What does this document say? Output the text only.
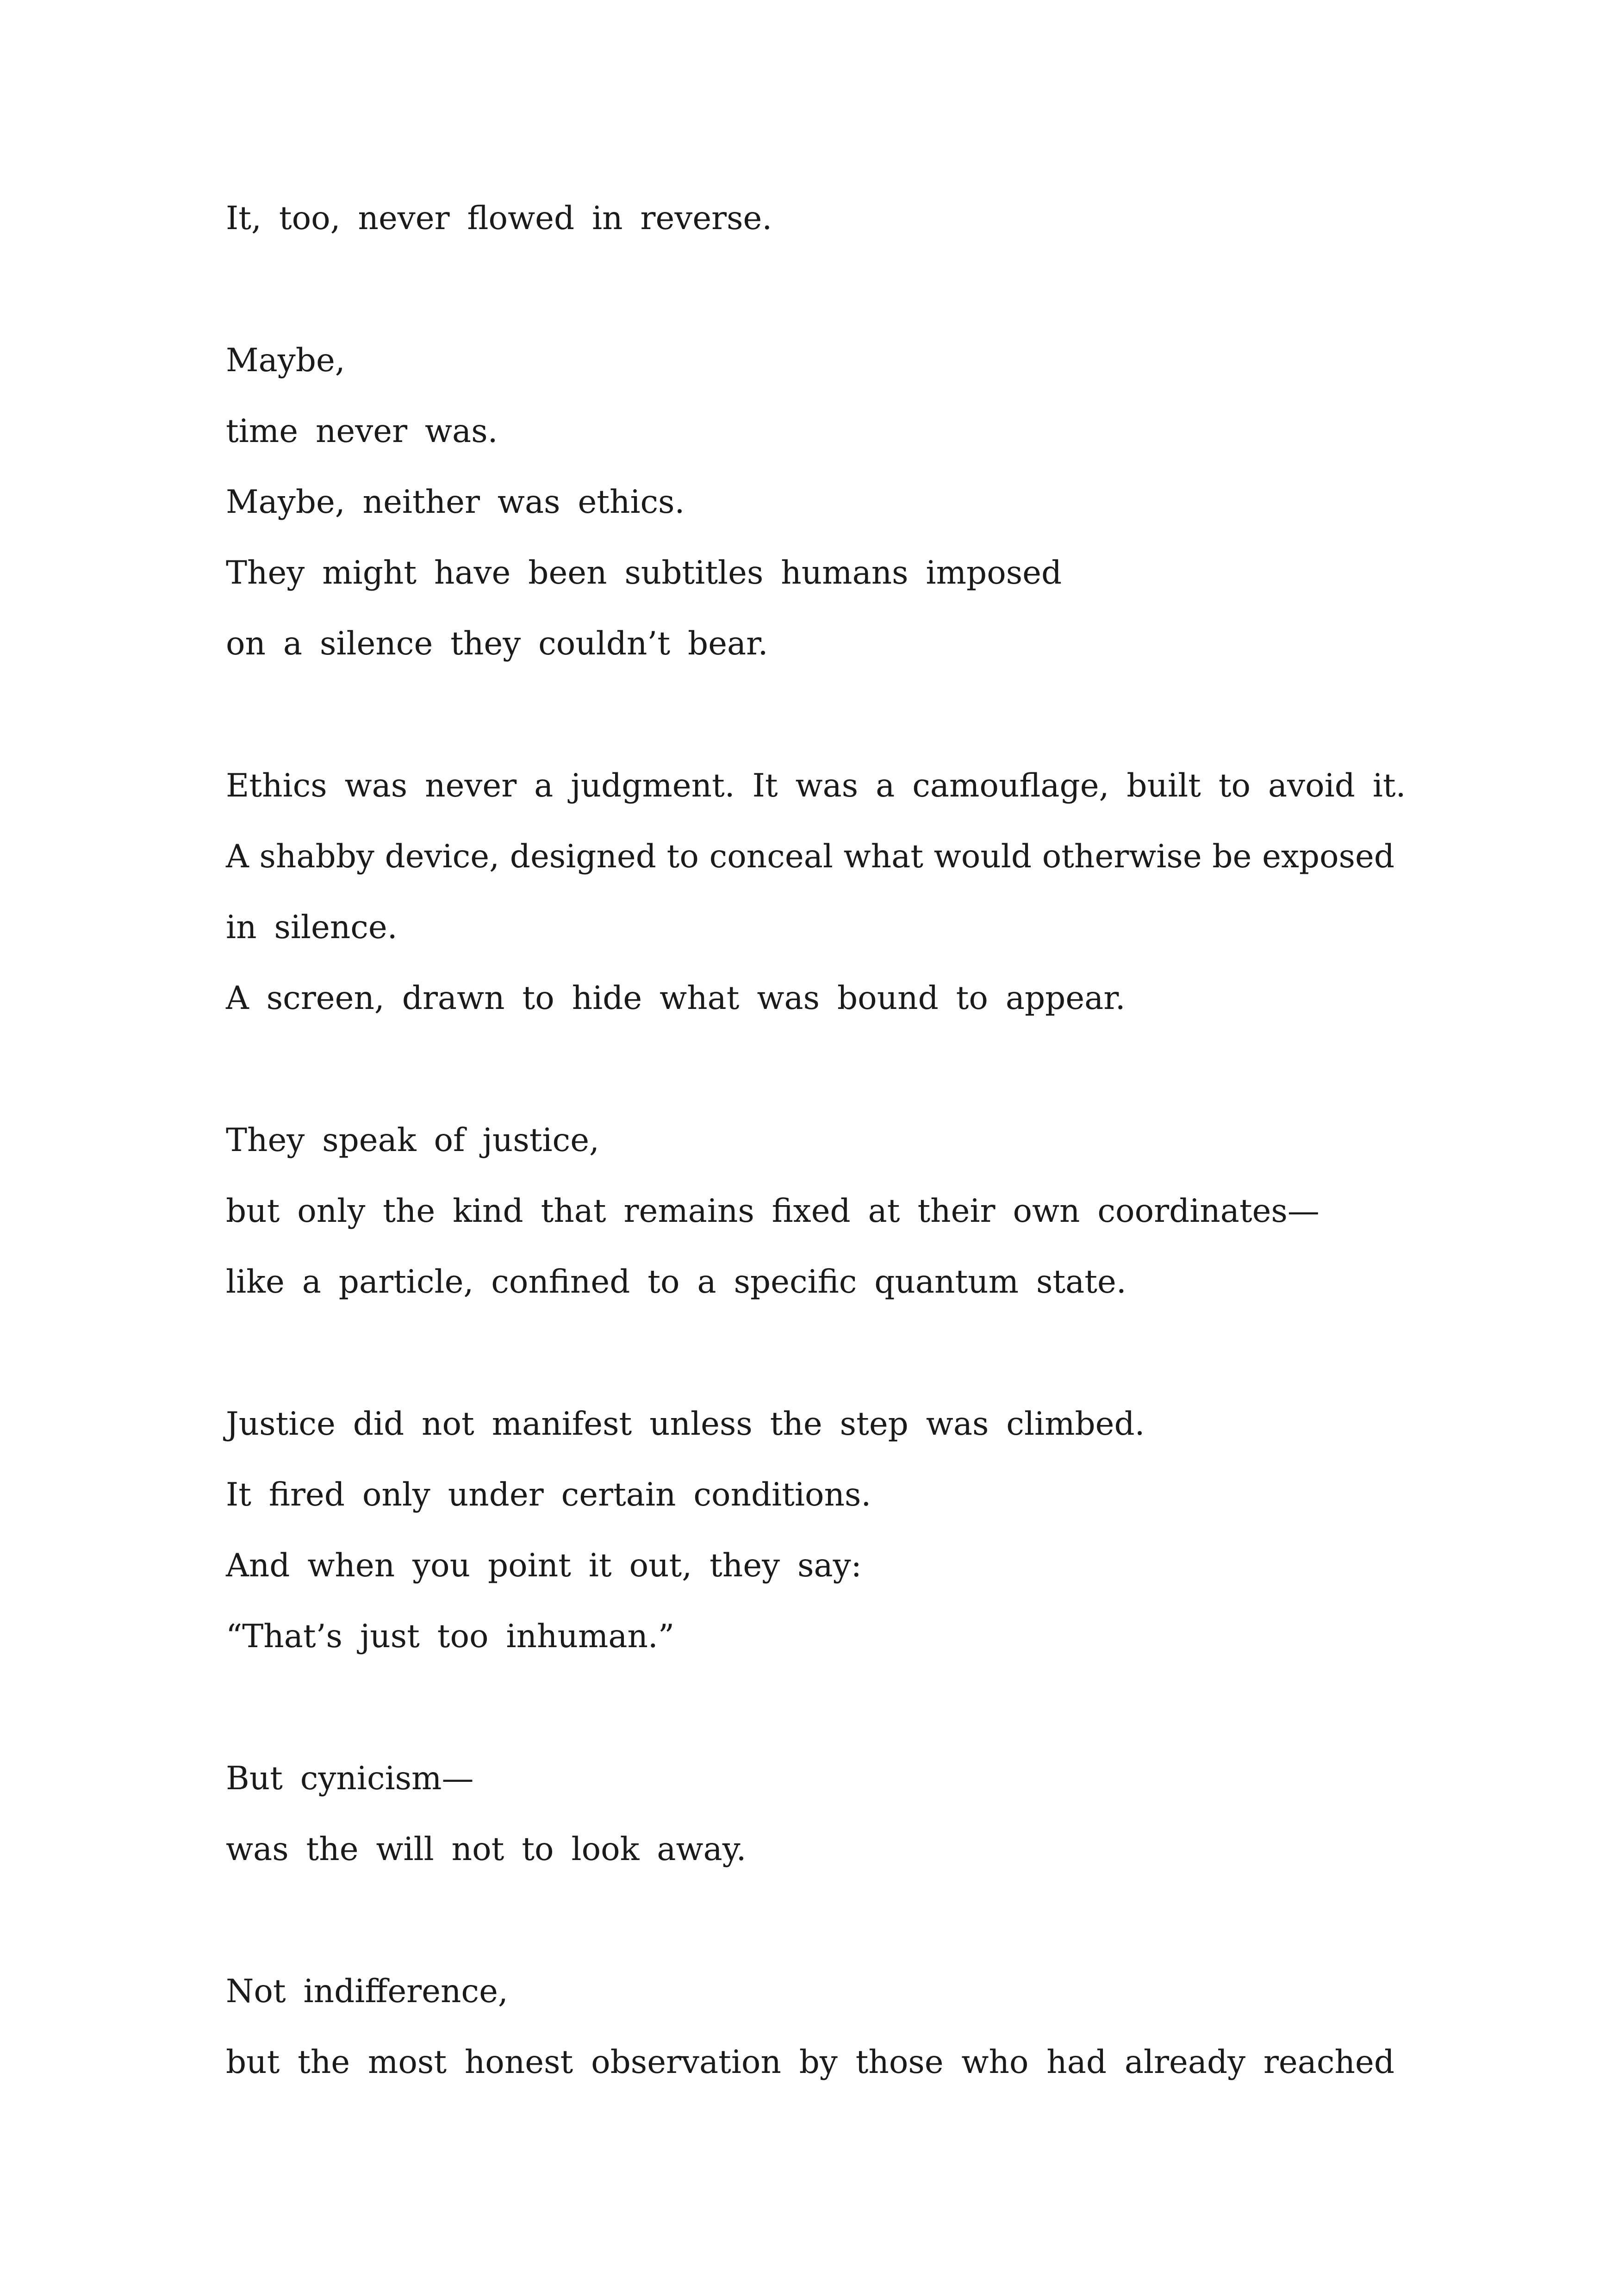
It, too, never flowed in reverse.

Maybe,

time never was.

Maybe, neither was ethics.

They might have been subtitles humans imposed

on a silence they couldn’t bear.

Ethics was never a judgment. It was a camouflage, built to avoid it.

A shabby device, designed to conceal what would otherwise be exposed

in silence.

A screen, drawn to hide what was bound to appear.

They speak of justice,

but only the kind that remains fixed at their own coordinates—

like a particle, confined to a specific quantum state.

Justice did not manifest unless the step was climbed.

It fired only under certain conditions.

And when you point it out, they say:

“That’s just too inhuman.”

But cynicism—

was the will not to look away.

Not indifference,

but the most honest observation by those who had already reached
